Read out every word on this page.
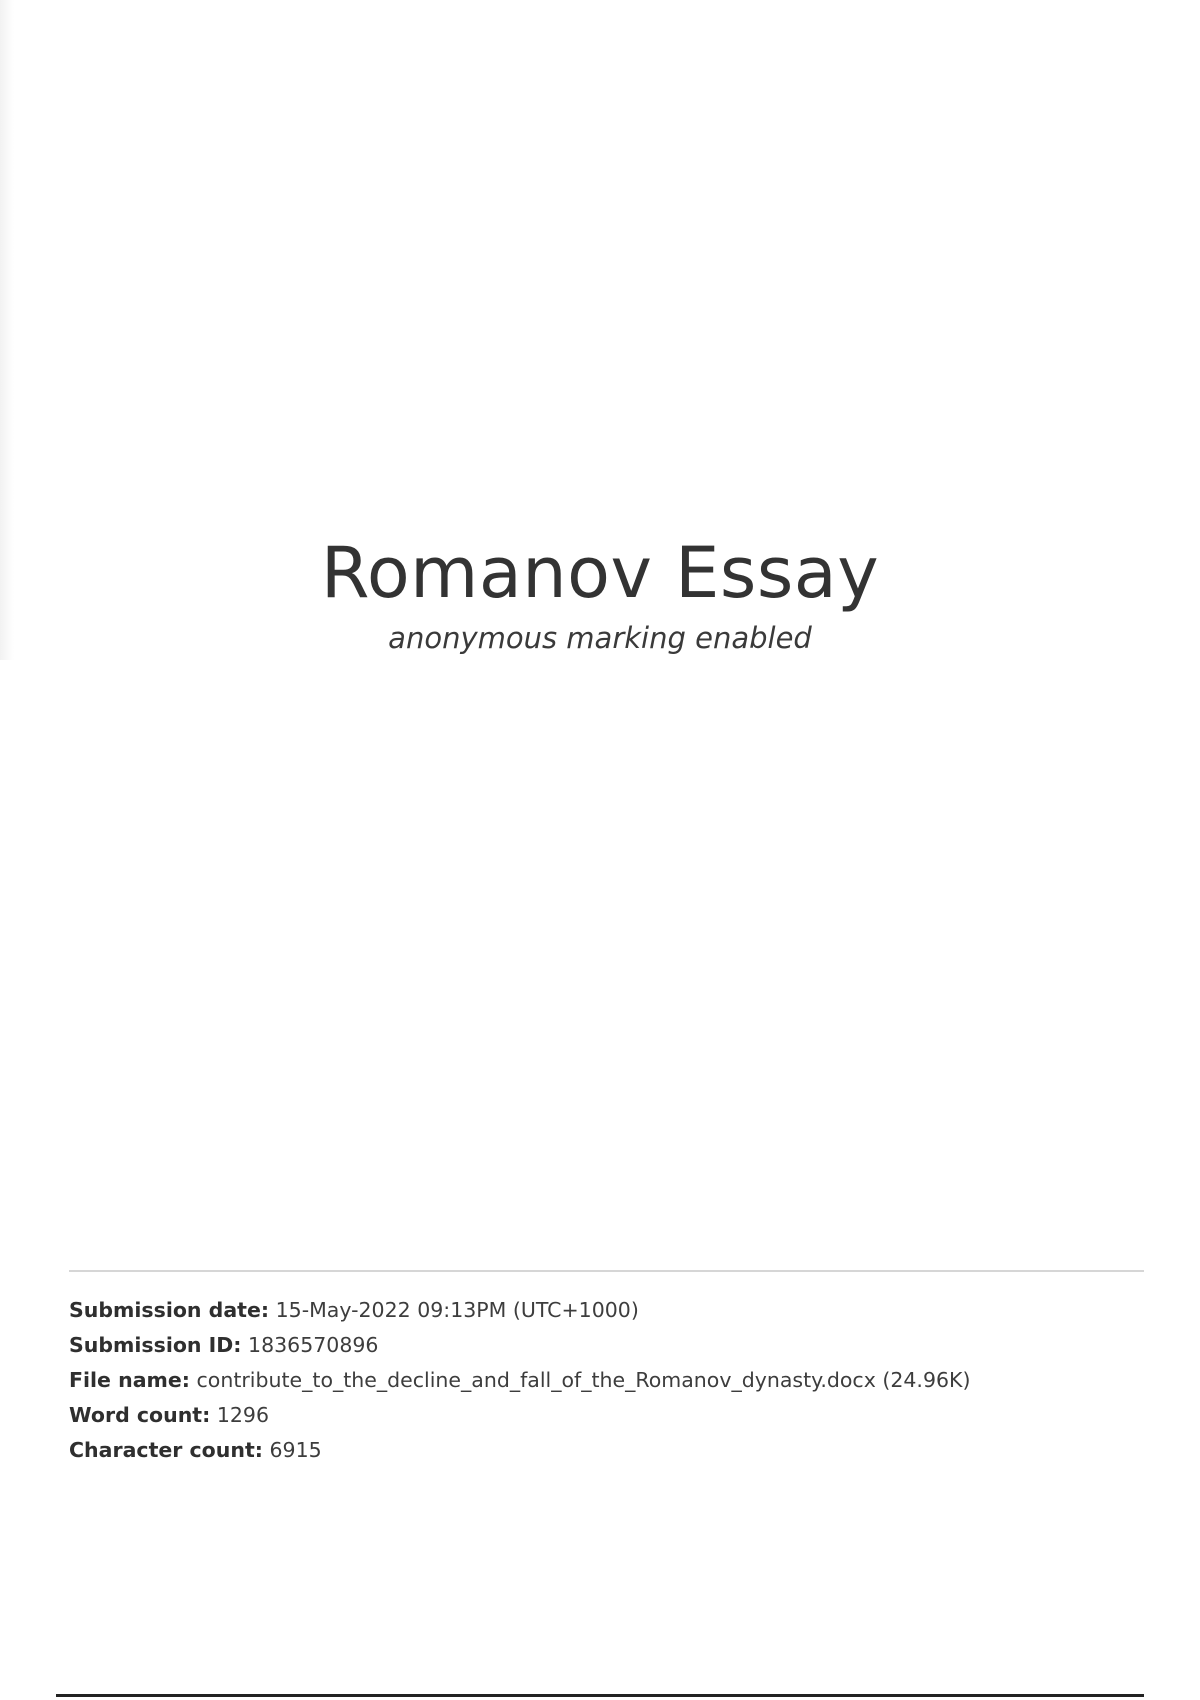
Romanov Essay
anonymous marking enabled
Submission date: 15-May-2022 09:13PM (UTC+1000)
Submission ID: 1836570896
File name: contribute_to_the_decline_and_fall_of_the_Romanov_dynasty.docx (24.96K)
Word count: 1296
Character count: 6915
